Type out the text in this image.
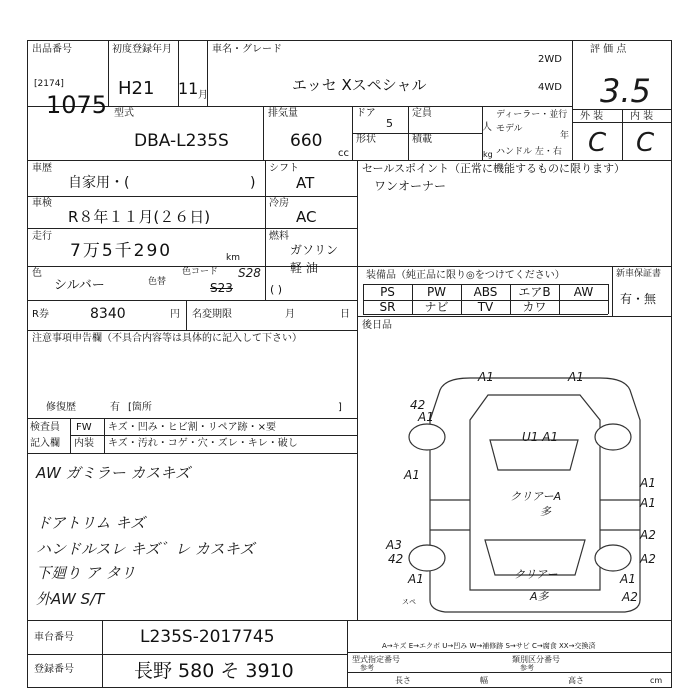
出品番号
[2174]
1075
初度登録年月
H21 11 月
車名・グレード
エッセ Xスペシャル
2WD
4WD
評 価 点
3.5
外 装	内 装
C C
型式
DBA-L235S
排気量
660
cc
ドア
5
定員
人
形状	積載
kg
ディーラー・並行
モデル
年
ハンドル 左・右
車歴
自家用・(	)
シフト
AT
車検
R８年１１月(２６日)
冷房
AC
走行
7万5千290	km
燃料
ガソリン
軽 油
( )
色
シルバー	色替
色コード
S23
S28
R券	8340	円 名変期限	月	日
セールスポイント（正常に機能するものに限ります）
ワンオーナー
装備品（純正品に限り◎をつけてください）	新車保証書
有・無
PS	PW	ABS	エアB	AW
SR	ナビ	TV	カワ
後日品
注意事項申告欄（不具合内容等は具体的に記入して下さい）
修復歴	有 [箇所	]
検査員
記入欄
FW キズ・凹み・ヒビ割・リペア跡・×要
内装 キズ・汚れ・コゲ・穴・ズレ・キレ・破し
AW ガミラー カスキズ
ドアトリム キズ
ハンドルスレ キズ゛レ カスキズ
下廻り ア タリ
外AW S/T
A1	A1
42
A1
U1 A1
A1
A1
クリアーA
多
A1
A2
A3
42
A1	クリアー
A多
A2
A1
A2
スペ
A→キズ E→エクボ U→凹み W→補修跡 S→サビ C→腐食 XX→交換済
車台番号	L235S-2017745
登録番号	長野 580 そ 3910
型式指定番号	類別区分番号
参考	参考
長さ	幅	高さ	cm
